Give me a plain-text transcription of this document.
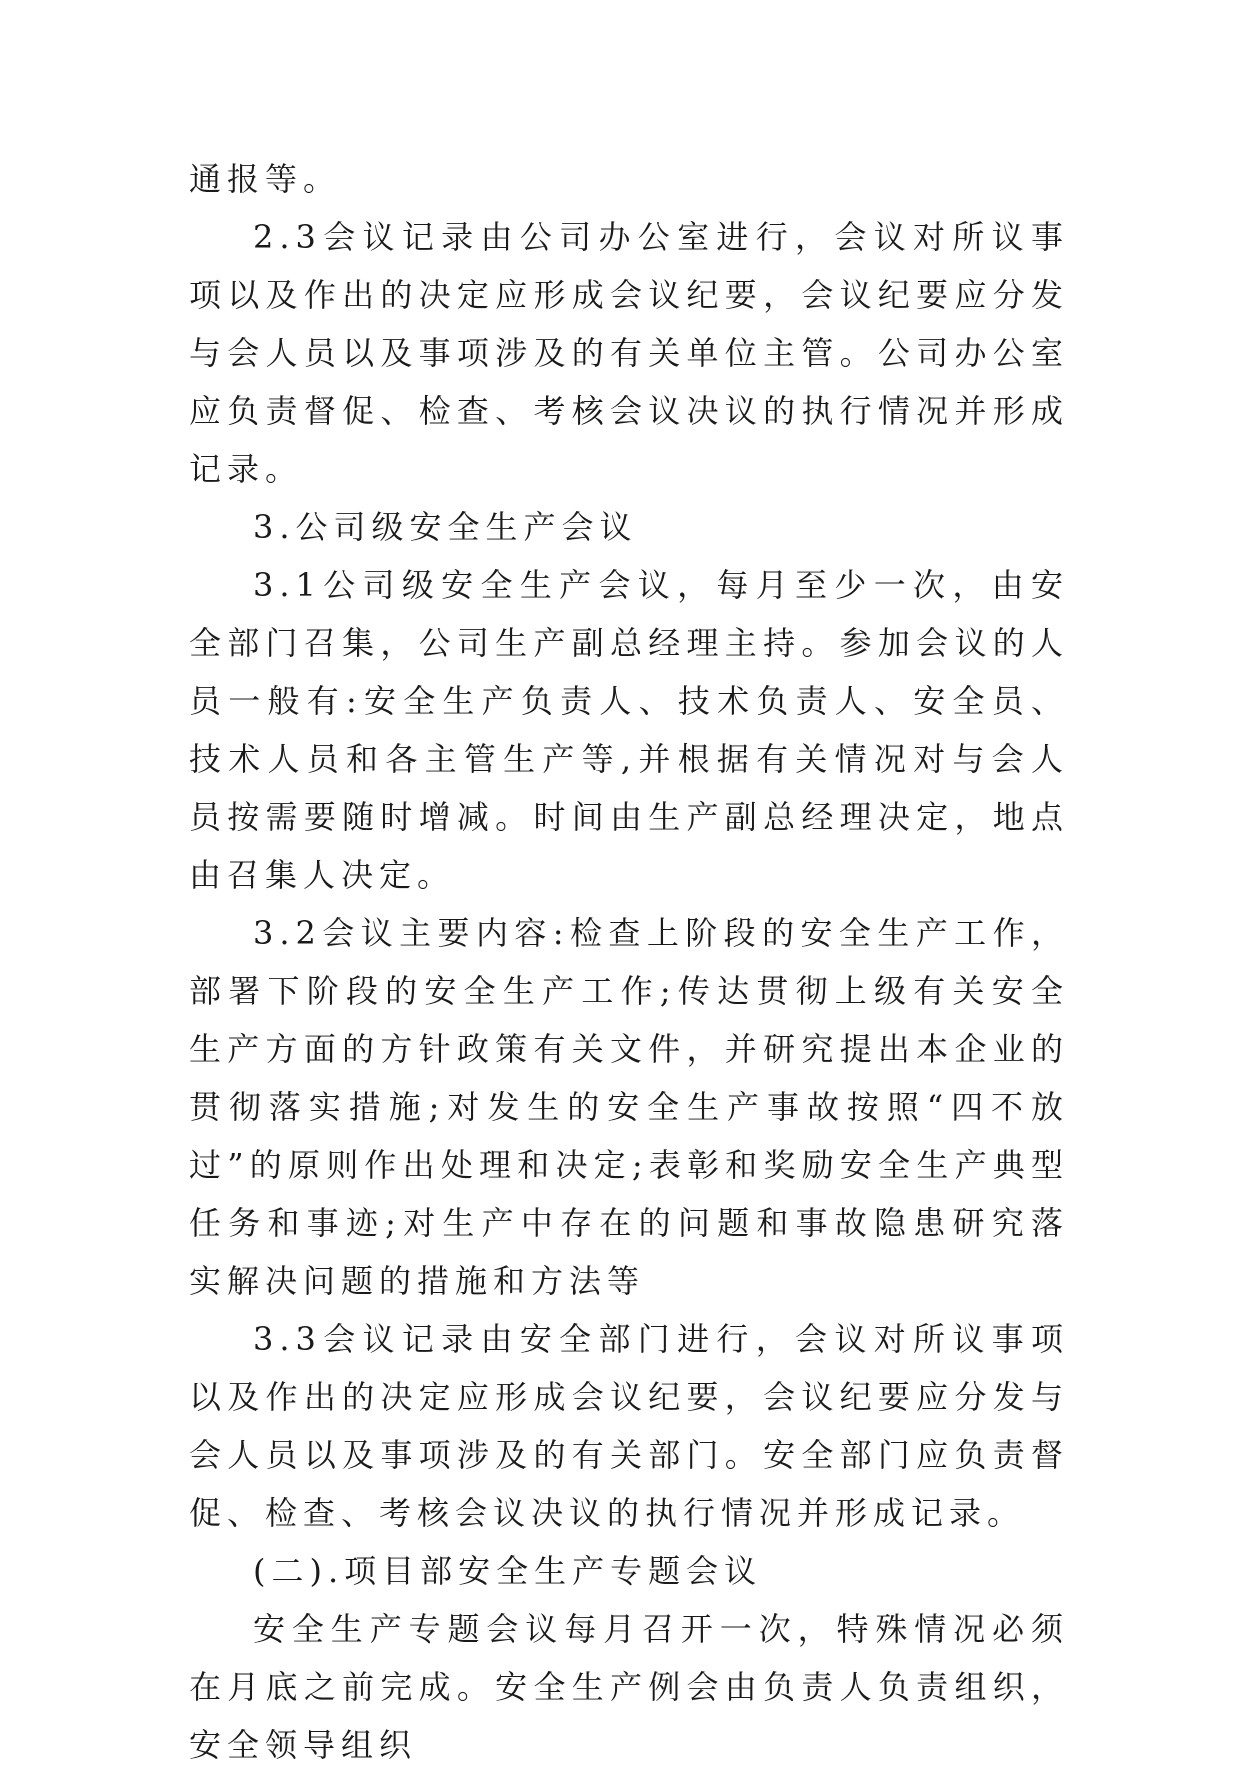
通报等。

2.3会议记录由公司办公室进行，会议对所议事项以及作出的决定应形成会议纪要，会议纪要应分发与会人员以及事项涉及的有关单位主管。公司办公室应负责督促、检查、考核会议决议的执行情况并形成记录。

3.公司级安全生产会议

3.1公司级安全生产会议，每月至少一次，由安全部门召集，公司生产副总经理主持。参加会议的人员一般有:安全生产负责人、技术负责人、安全员、技术人员和各主管生产等,并根据有关情况对与会人员按需要随时增减。时间由生产副总经理决定，地点由召集人决定。

3.2会议主要内容:检查上阶段的安全生产工作，部署下阶段的安全生产工作;传达贯彻上级有关安全生产方面的方针政策有关文件，并研究提出本企业的贯彻落实措施;对发生的安全生产事故按照“四不放过”的原则作出处理和决定;表彰和奖励安全生产典型任务和事迹;对生产中存在的问题和事故隐患研究落实解决问题的措施和方法等

3.3会议记录由安全部门进行，会议对所议事项以及作出的决定应形成会议纪要，会议纪要应分发与会人员以及事项涉及的有关部门。安全部门应负责督促、检查、考核会议决议的执行情况并形成记录。

(二).项目部安全生产专题会议

安全生产专题会议每月召开一次，特殊情况必须在月底之前完成。安全生产例会由负责人负责组织，安全领导组织
